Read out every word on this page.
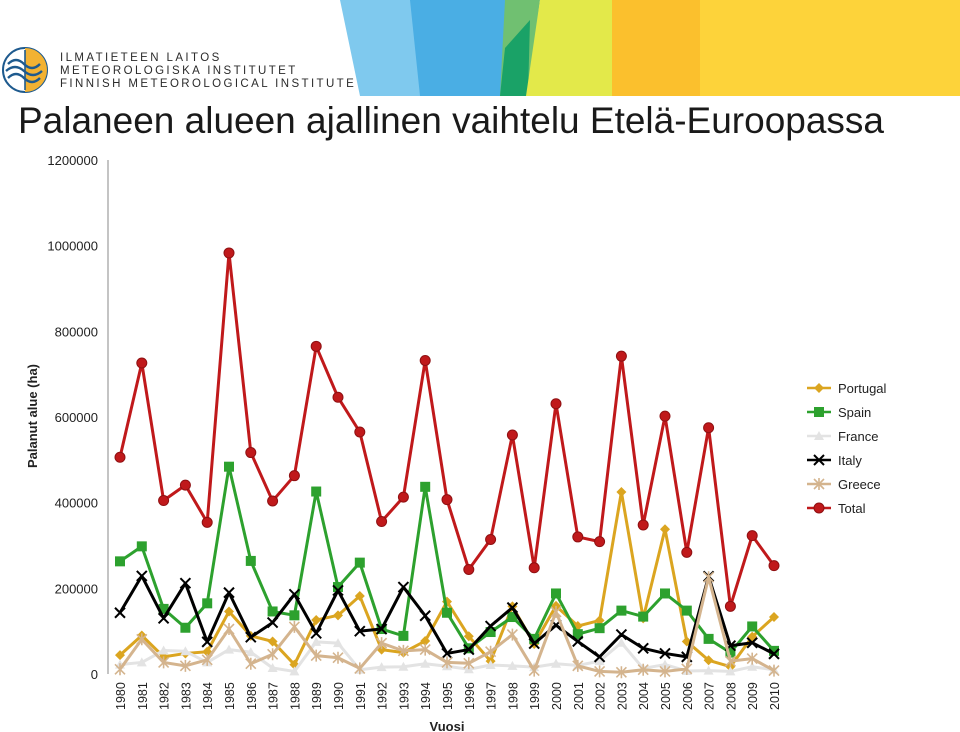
ILMATIETEEN LAITOS
METEOROLOGISKA INSTITUTET
FINNISH METEOROLOGICAL INSTITUTE
Palaneen alueen ajallinen vaihtelu Etelä-Euroopassa
0
200000
400000
600000
800000
1000000
1200000
1980 1981 1982 1983 1984 1985 1986 1987 1988 1989 1990 1991 1992 1993 1994 1995 1996 1997 1998 1999 2000 2001 2002 2003 2004 2005 2006 2007 2008 2009 2010
Portugal
Spain
France
Italy
Greece
Total
Palanut alue (ha)
Vuosi
